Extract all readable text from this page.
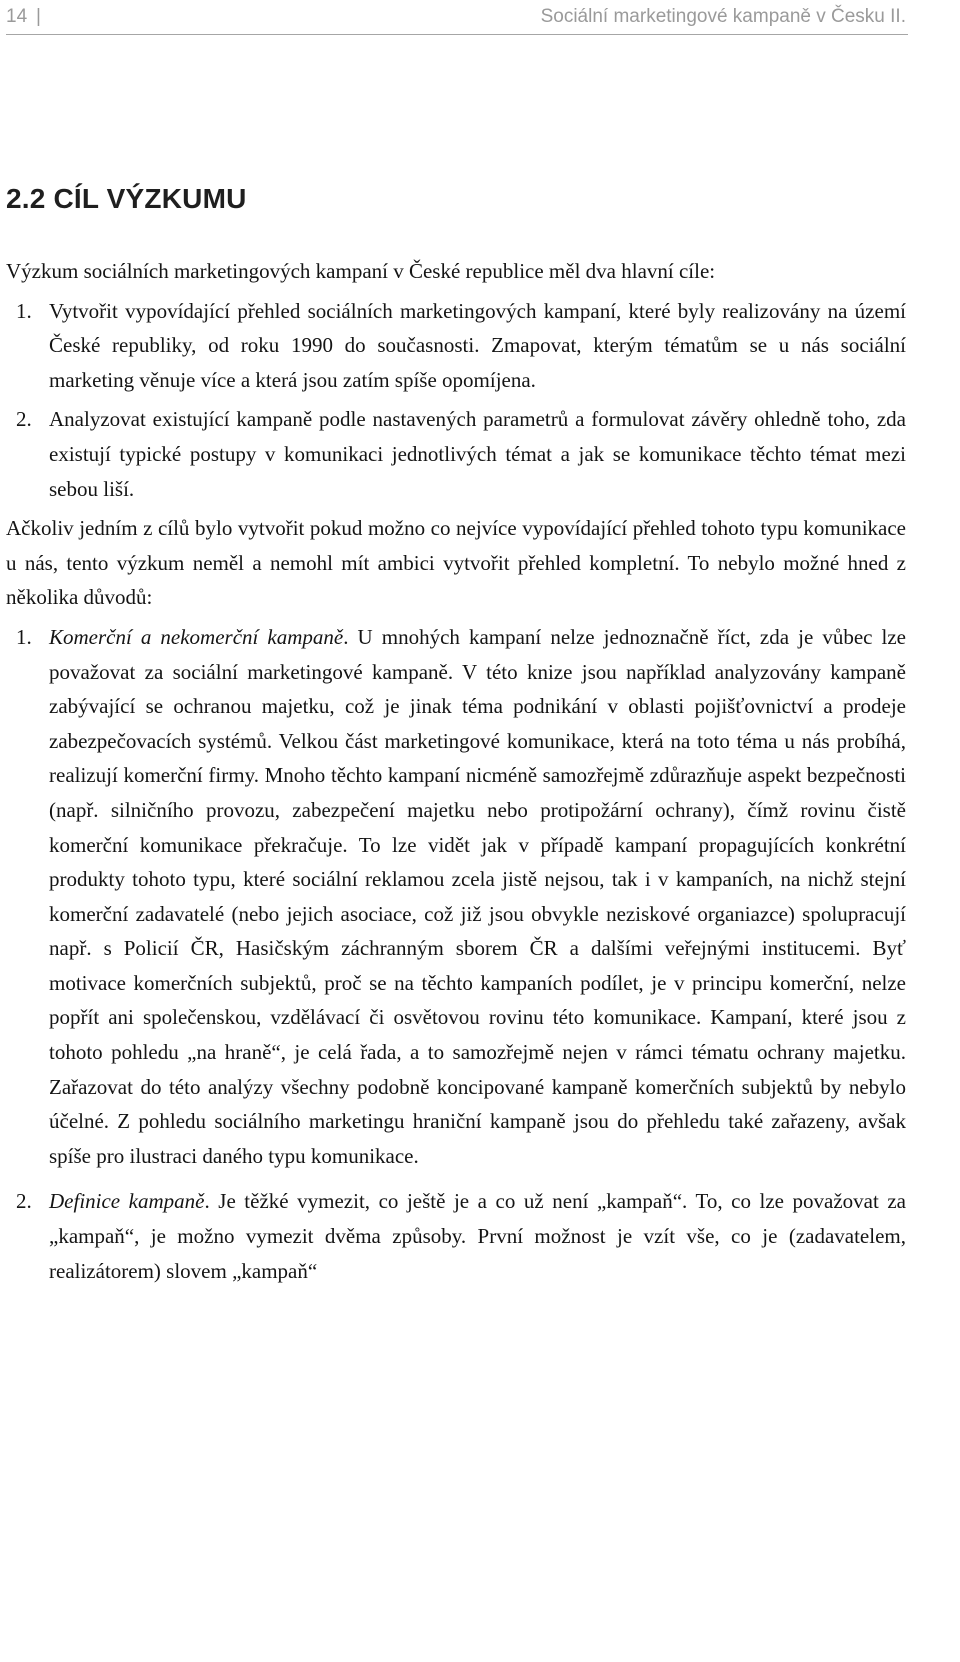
14 |	Sociální marketingové kampaně v Česku II.
2.2 CÍL VÝZKUMU

Výzkum sociálních marketingových kampaní v České republice měl dva hlavní cíle:

1. Vytvořit vypovídající přehled sociálních marketingových kampaní, které byly realizovány na území České republiky, od roku 1990 do současnosti. Zmapovat, kterým tématům se u nás sociální marketing věnuje více a která jsou zatím spíše opomíjena.
2. Analyzovat existující kampaně podle nastavených parametrů a formulovat závěry ohledně toho, zda existují typické postupy v komunikaci jednotlivých témat a jak se komunikace těchto témat mezi sebou liší.

Ačkoliv jedním z cílů bylo vytvořit pokud možno co nejvíce vypovídající přehled tohoto typu komunikace u nás, tento výzkum neměl a nemohl mít ambici vytvořit přehled kompletní. To nebylo možné hned z několika důvodů:

1. Komerční a nekomerční kampaně. U mnohých kampaní nelze jednoznačně říct, zda je vůbec lze považovat za sociální marketingové kampaně. V této knize jsou například analyzovány kampaně zabývající se ochranou majetku, což je jinak téma podnikání v oblasti pojišťovnictví a prodeje zabezpečovacích systémů. Velkou část marketingové komunikace, která na toto téma u nás probíhá, realizují komerční firmy. Mnoho těchto kampaní nicméně samozřejmě zdůrazňuje aspekt bezpečnosti (např. silničního provozu, zabezpečení majetku nebo protipožární ochrany), čímž rovinu čistě komerční komunikace překračuje. To lze vidět jak v případě kampaní propagujících konkrétní produkty tohoto typu, které sociální reklamou zcela jistě nejsou, tak i v kampaních, na nichž stejní komerční zadavatelé (nebo jejich asociace, což již jsou obvykle neziskové organiazce) spolupracují např. s Policií ČR, Hasičským záchranným sborem ČR a dalšími veřejnými institucemi. Byť motivace komerčních subjektů, proč se na těchto kampaních podílet, je v principu komerční, nelze popřít ani společenskou, vzdělávací či osvětovou rovinu této komunikace. Kampaní, které jsou z tohoto pohledu „na hraně“, je celá řada, a to samozřejmě nejen v rámci tématu ochrany majetku. Zařazovat do této analýzy všechny podobně koncipované kampaně komerčních subjektů by nebylo účelné. Z pohledu sociálního marketingu hraniční kampaně jsou do přehledu také zařazeny, avšak spíše pro ilustraci daného typu komunikace.
2. Definice kampaně. Je těžké vymezit, co ještě je a co už není „kampaň“. To, co lze považovat za „kampaň“, je možno vymezit dvěma způsoby. První možnost je vzít vše, co je (zadavatelem, realizátorem) slovem „kampaň“
